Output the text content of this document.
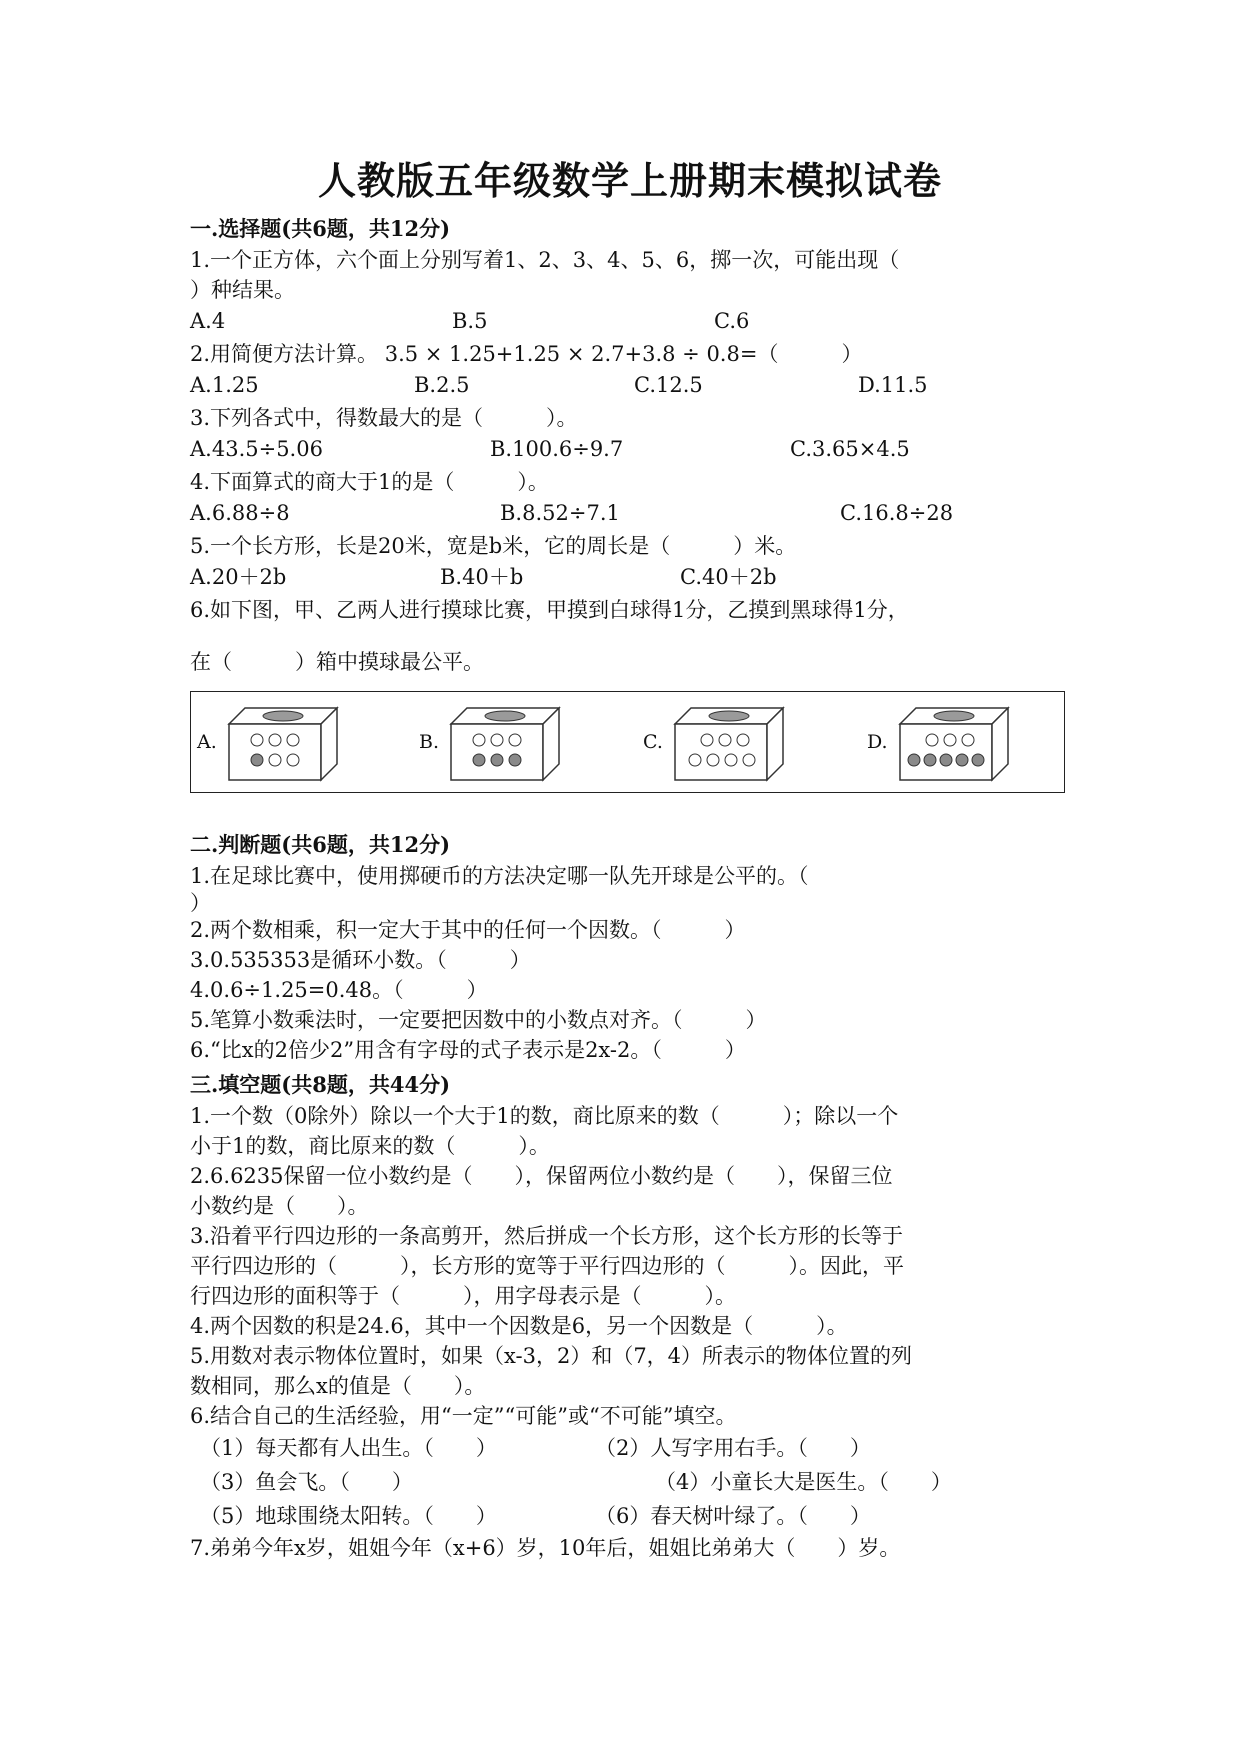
人教版五年级数学上册期末模拟试卷
一.选择题(共6题，共12分)

1.一个正方体，六个面上分别写着1、2、3、4、5、6，掷一次，可能出现（

）种结果。

A.4	B.5	C.6

2.用简便方法计算。 3.5 × 1.25+1.25 × 2.7+3.8 ÷ 0.8=（　　　）

A.1.25	B.2.5	C.12.5	D.11.5

3.下列各式中，得数最大的是（　　　）。

A.43.5÷5.06	B.100.6÷9.7	C.3.65×4.5

4.下面算式的商大于1的是（　　　）。

A.6.88÷8	B.8.52÷7.1	C.16.8÷28

5.一个长方形，长是20米，宽是b米，它的周长是（　　　）米。

A.20＋2b	B.40＋b	C.40＋2b

6.如下图，甲、乙两人进行摸球比赛，甲摸到白球得1分，乙摸到黑球得1分，

在（　　　）箱中摸球最公平。

A.	B.	C.	D.
二.判断题(共6题，共12分)

1.在足球比赛中，使用掷硬币的方法决定哪一队先开球是公平的。（

）

2.两个数相乘，积一定大于其中的任何一个因数。（　　　）

3.0.535353是循环小数。（　　　）

4.0.6÷1.25=0.48。（　　　）

5.笔算小数乘法时，一定要把因数中的小数点对齐。（　　　）

6.“比x的2倍少2”用含有字母的式子表示是2x-2。（　　　）

三.填空题(共8题，共44分)

1.一个数（0除外）除以一个大于1的数，商比原来的数（　　　）；除以一个

小于1的数，商比原来的数（　　　）。

2.6.6235保留一位小数约是（　　），保留两位小数约是（　　），保留三位

小数约是（　　）。

3.沿着平行四边形的一条高剪开，然后拼成一个长方形，这个长方形的长等于

平行四边形的（　　　），长方形的宽等于平行四边形的（　　　）。因此，平

行四边形的面积等于（　　　），用字母表示是（　　　）。

4.两个因数的积是24.6，其中一个因数是6，另一个因数是（　　　）。

5.用数对表示物体位置时，如果（x-3，2）和（7，4）所表示的物体位置的列

数相同，那么x的值是（　　）。

6.结合自己的生活经验，用“一定”“可能”或“不可能”填空。

（1）每天都有人出生。（　　）	（2）人写字用右手。（　　）
（3）鱼会飞。（　　）	（4）小童长大是医生。（　　）
（5）地球围绕太阳转。（　　）	（6）春天树叶绿了。（　　）

7.弟弟今年x岁，姐姐今年（x+6）岁，10年后，姐姐比弟弟大（　　）岁。
